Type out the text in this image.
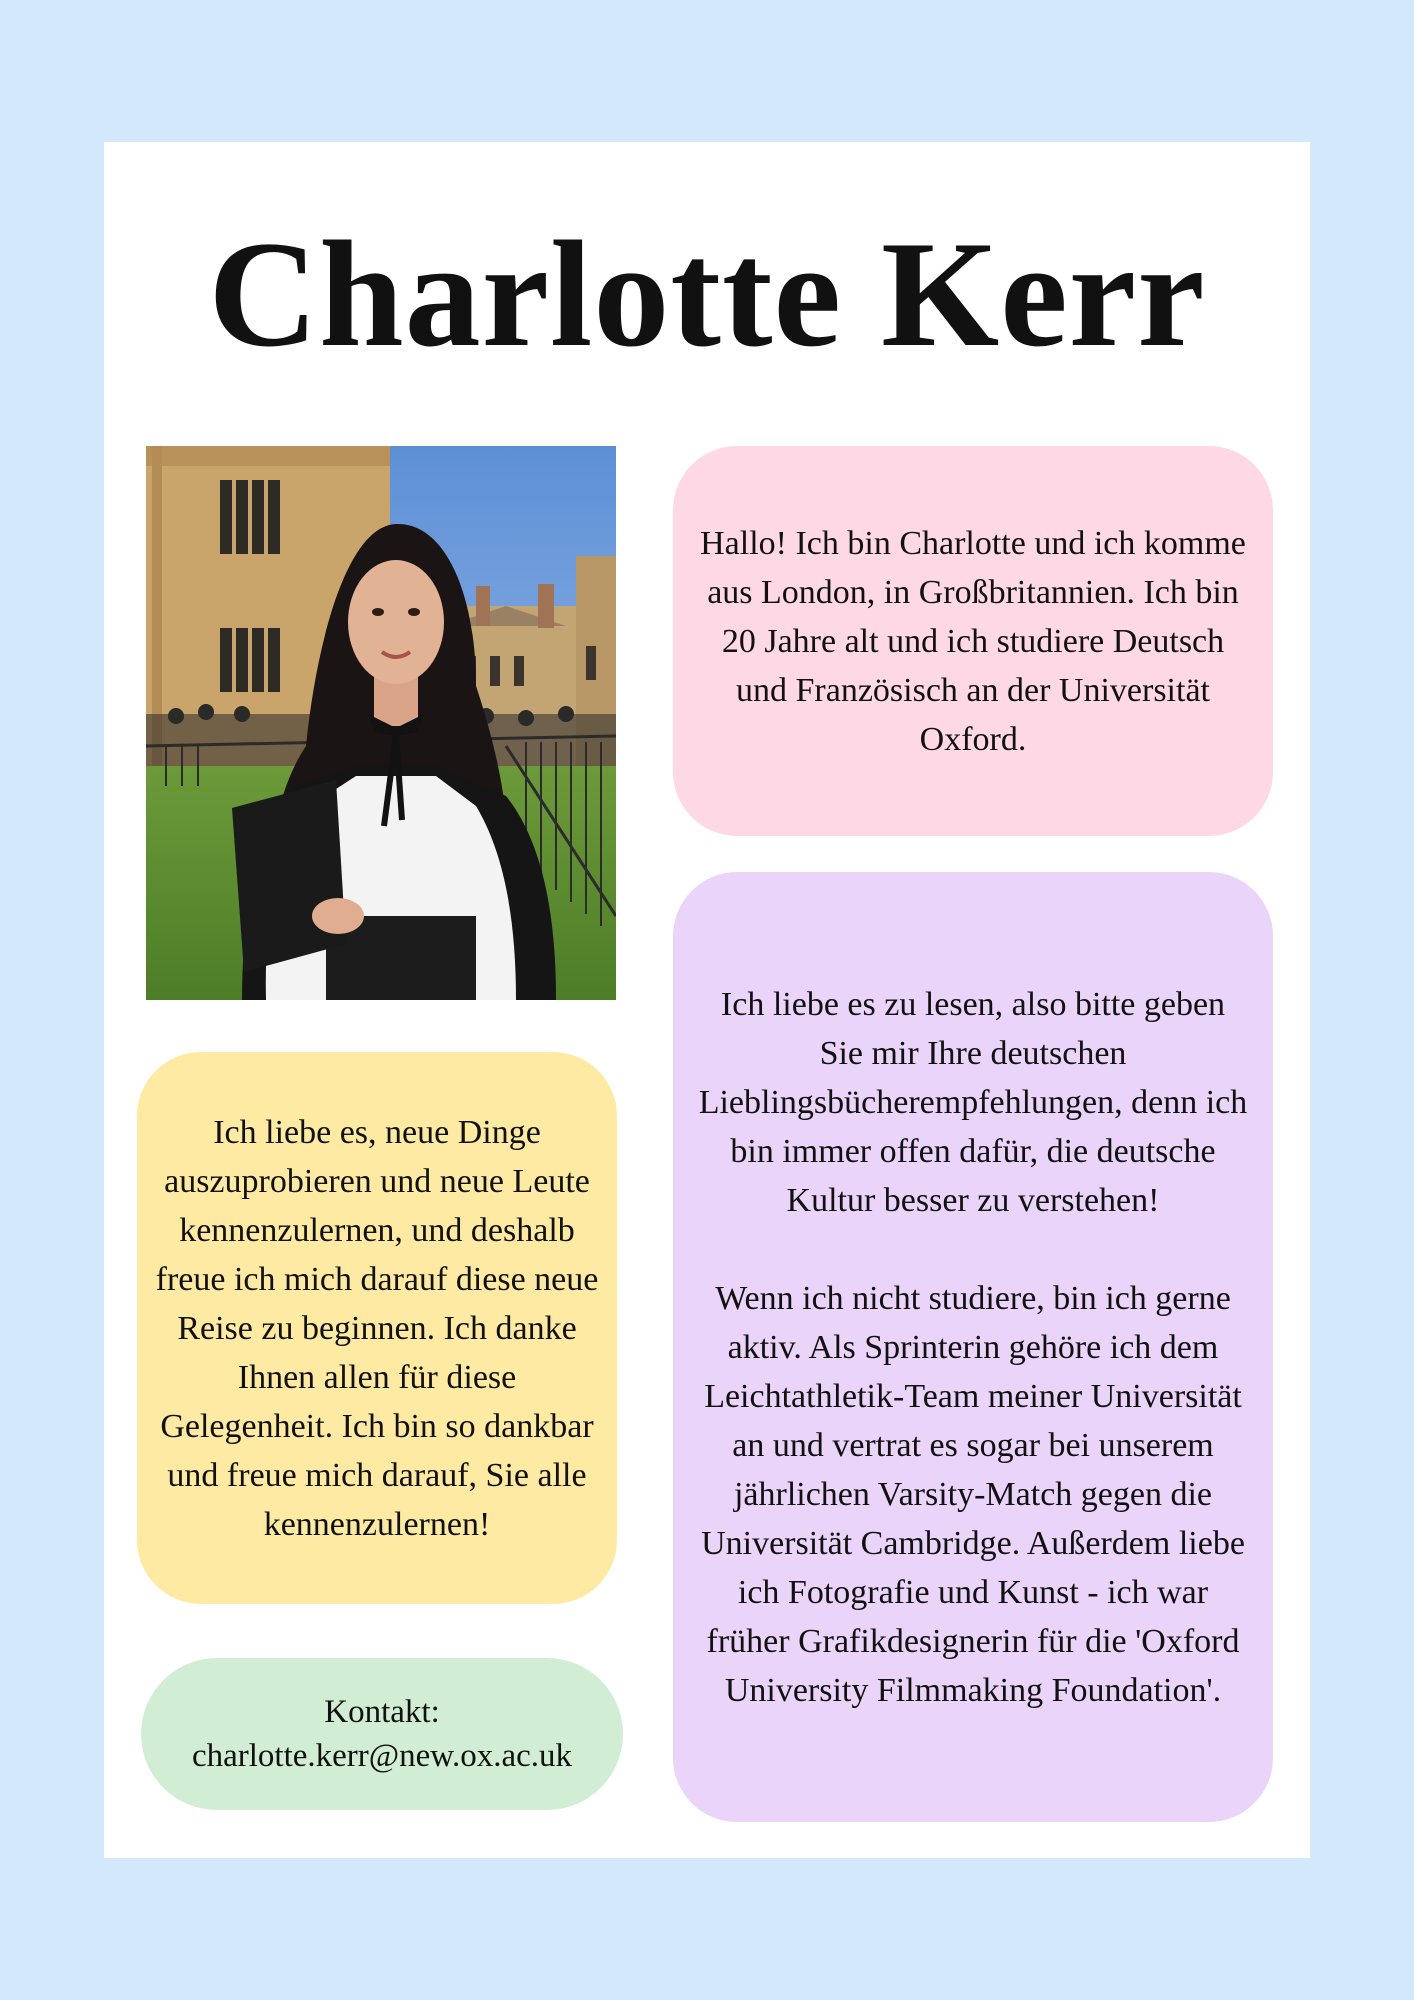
Charlotte Kerr

Hallo! Ich bin Charlotte und ich komme aus London, in Großbritannien. Ich bin 20 Jahre alt und ich studiere Deutsch und Französisch an der Universität Oxford.

Ich liebe es zu lesen, also bitte geben Sie mir Ihre deutschen Lieblingsbücherempfehlungen, denn ich bin immer offen dafür, die deutsche Kultur besser zu verstehen!

Wenn ich nicht studiere, bin ich gerne aktiv. Als Sprinterin gehöre ich dem Leichtathletik-Team meiner Universität an und vertrat es sogar bei unserem jährlichen Varsity-Match gegen die Universität Cambridge. Außerdem liebe ich Fotografie und Kunst - ich war früher Grafikdesignerin für die 'Oxford University Filmmaking Foundation'.

Ich liebe es, neue Dinge auszuprobieren und neue Leute kennenzulernen, und deshalb freue ich mich darauf diese neue Reise zu beginnen. Ich danke Ihnen allen für diese Gelegenheit. Ich bin so dankbar und freue mich darauf, Sie alle kennenzulernen!

Kontakt:
charlotte.kerr@new.ox.ac.uk
